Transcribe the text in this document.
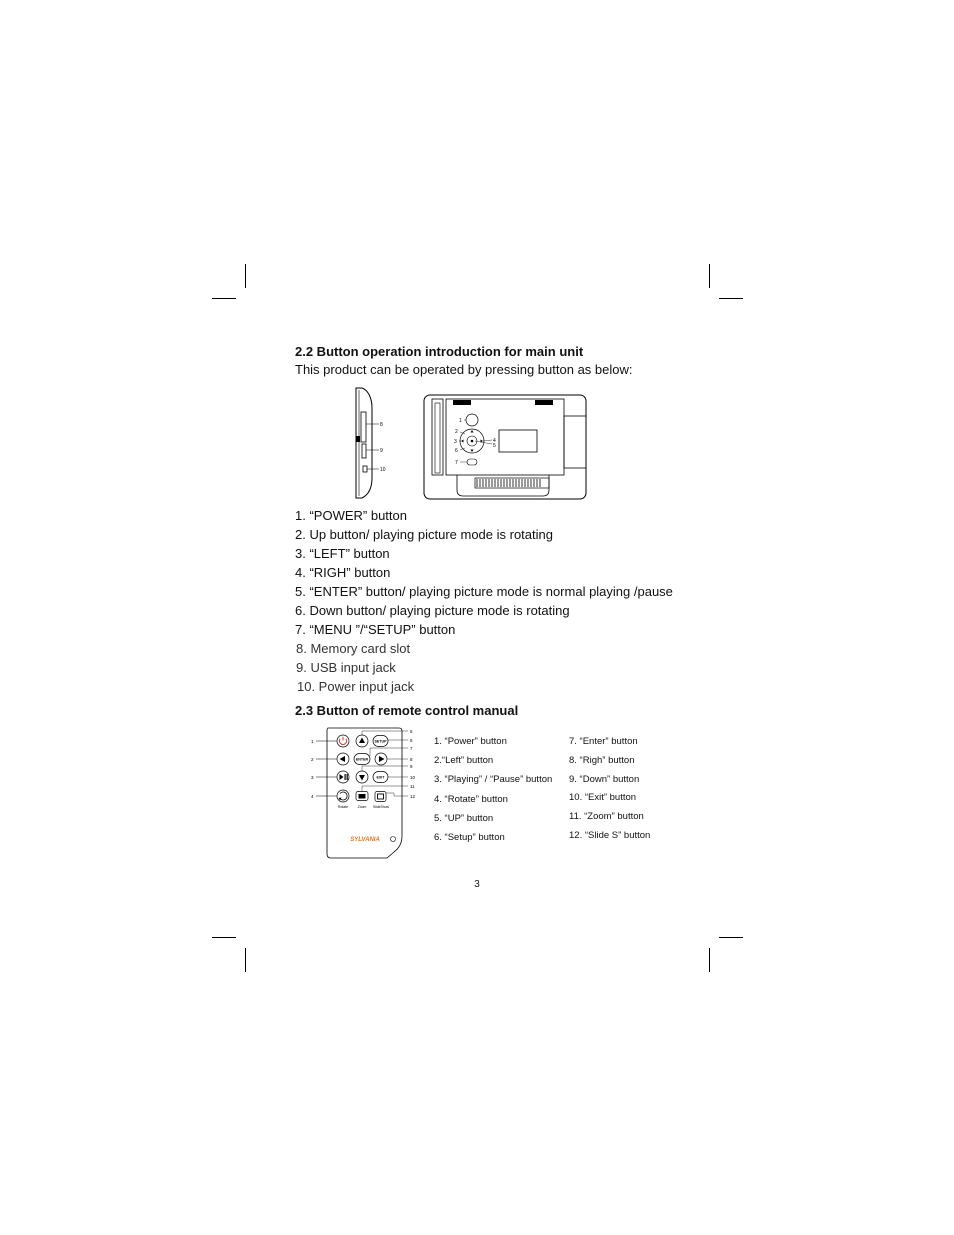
2.2 Button operation introduction for main unit

This product can be operated by pressing button as below:

8
9
10
1
2
3	4
5
6
7
1. “POWER” button
2. Up button/ playing picture mode is rotating
3. “LEFT” button
4. “RIGH” button
5. “ENTER” button/ playing picture mode is normal playing /pause
6. Down button/ playing picture mode is rotating
7. “MENU ”/“SETUP” button
8. Memory card slot
9. USB input jack
10. Power input jack
2.3 Button of remote control manual
SETUP
ENTER
EXIT
Rotate	Zoom SlideShow
SYLVANIA
1
2
3
4
5
6
7
8
9
10
11
12
1. “Power” button
2.“Left” button
3. “Playing” / “Pause” button
4. “Rotate” button
5. “UP” button
6. “Setup” button
7. “Enter” button
8. “Righ” button
9. “Down” button
10. “Exit” button
11. “Zoom” button
12. “Slide S” button
3
